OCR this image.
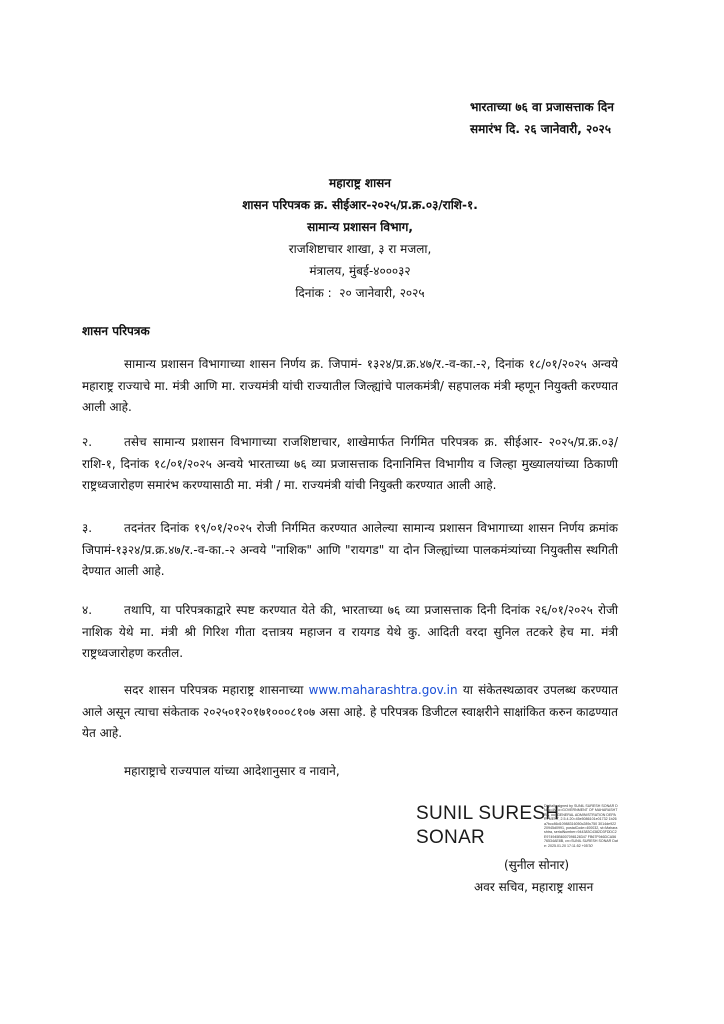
भारताच्या ७६ वा प्रजासत्ताक दिन
समारंभ दि. २६ जानेवारी, २०२५
महाराष्ट्र शासन
शासन परिपत्रक क्र. सीईआर-२०२५/प्र.क्र.०३/राशि-१.
सामान्य प्रशासन विभाग,
राजशिष्टाचार शाखा, ३ रा मजला,
मंत्रालय, मुंबई-४०००३२
दिनांक : २० जानेवारी, २०२५
शासन परिपत्रक
सामान्य प्रशासन विभागाच्या शासन निर्णय क्र. जिपामं- १३२४/प्र.क्र.४७/र.-व-का.-२, दिनांक १८/०१/२०२५ अन्वये महाराष्ट्र राज्याचे मा. मंत्री आणि मा. राज्यमंत्री यांची राज्यातील जिल्ह्यांचे पालकमंत्री/ सहपालक मंत्री म्हणून नियुक्ती करण्यात आली आहे.
२.	तसेच सामान्य प्रशासन विभागाच्या राजशिष्टाचार, शाखेमार्फत निर्गमित परिपत्रक क्र. सीईआर- २०२५/प्र.क्र.०३/ राशि-१, दिनांक १८/०१/२०२५ अन्वये भारताच्या ७६ व्या प्रजासत्ताक दिनानिमित्त विभागीय व जिल्हा मुख्यालयांच्या ठिकाणी राष्ट्रध्वजारोहण समारंभ करण्यासाठी मा. मंत्री / मा. राज्यमंत्री यांची नियुक्ती करण्यात आली आहे.
३.	तदनंतर दिनांक १९/०१/२०२५ रोजी निर्गमित करण्यात आलेल्या सामान्य प्रशासन विभागाच्या शासन निर्णय क्रमांक जिपामं-१३२४/प्र.क्र.४७/र.-व-का.-२ अन्वये "नाशिक" आणि "रायगड" या दोन जिल्ह्यांच्या पालकमंत्र्यांच्या नियुक्तीस स्थगिती देण्यात आली आहे.
४.	तथापि, या परिपत्रकाद्वारे स्पष्ट करण्यात येते की, भारताच्या ७६ व्या प्रजासत्ताक दिनी दिनांक २६/०१/२०२५ रोजी नाशिक येथे मा. मंत्री श्री गिरिश गीता दत्तात्रय महाजन व रायगड येथे कु. आदिती वरदा सुनिल तटकरे हेच मा. मंत्री राष्ट्रध्वजारोहण करतील.
सदर शासन परिपत्रक महाराष्ट्र शासनाच्या www.maharashtra.gov.in या संकेतस्थळावर उपलब्ध करण्यात आले असून त्याचा संकेताक २०२५०१२०१७१०००८१०७ असा आहे. हे परिपत्रक डिजीटल स्वाक्षरीने साक्षांकित करुन काढण्यात येत आहे.
महाराष्ट्राचे राज्यपाल यांच्या आदेशानुसार व नावाने,
SUNIL SURESH
SONAR
Digitally signed by SUNIL SURESH SONAR DN: c=IN, o=GOVERNMENT OF MAHARASHTRA, ou=GENERAL ADMINISTRATION DEPARTMENT, 2.5.4.20=45e5086101e01732 1b26a7bcc86d10988316050c289c750 3014de92220945d0991, postalCode=400032, st=Maharashtra, serialNumber=944383C4382D3FDDC2E974945B6007098128347 FB67F946DCA5676534AE8B, cn=SUNIL SURESH SONAR Date: 2025.01.20 17:11:52 +05'30'
(सुनील सोनार)
अवर सचिव, महाराष्ट्र शासन
